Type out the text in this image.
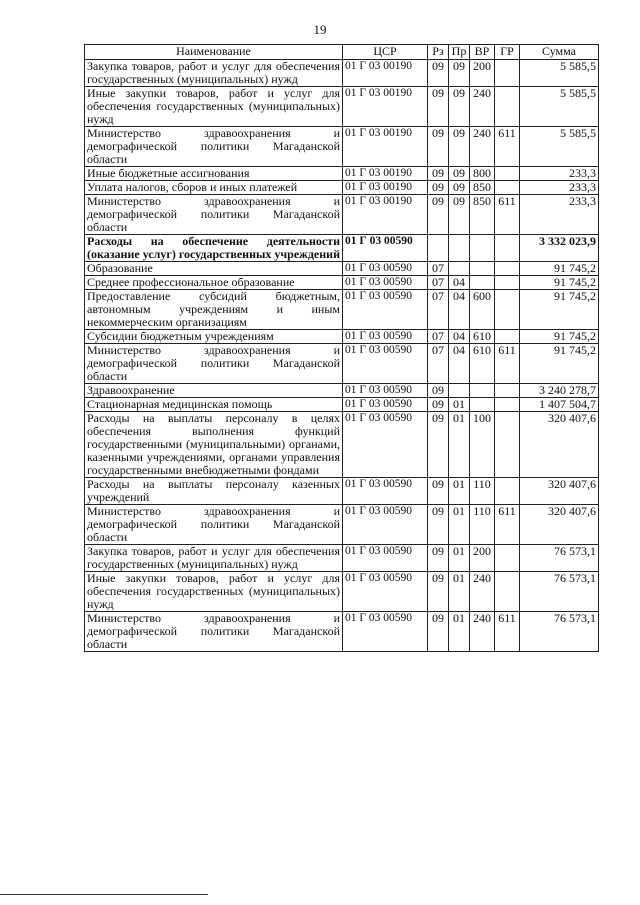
19
Наименование	ЦСР	Рз	Пр	ВР	ГР	Сумма
Закупка товаров, работ и услуг для обеспечения государственных (муниципальных) нужд	01 Г 03 00190	09	09	200		5 585,5
Иные закупки товаров, работ и услуг для обеспечения государственных (муниципальных) нужд	01 Г 03 00190	09	09	240		5 585,5
Министерство здравоохранения и демографической политики Магаданской области	01 Г 03 00190	09	09	240	611	5 585,5
Иные бюджетные ассигнования	01 Г 03 00190	09	09	800		233,3
Уплата налогов, сборов и иных платежей	01 Г 03 00190	09	09	850		233,3
Министерство здравоохранения и демографической политики Магаданской области	01 Г 03 00190	09	09	850	611	233,3
Расходы на обеспечение деятельности (оказание услуг) государственных учреждений	01 Г 03 00590					3 332 023,9
Образование	01 Г 03 00590	07				91 745,2
Среднее профессиональное образование	01 Г 03 00590	07	04			91 745,2
Предоставление субсидий бюджетным, автономным учреждениям и иным некоммерческим организациям	01 Г 03 00590	07	04	600		91 745,2
Субсидии бюджетным учреждениям	01 Г 03 00590	07	04	610		91 745,2
Министерство здравоохранения и демографической политики Магаданской области	01 Г 03 00590	07	04	610	611	91 745,2
Здравоохранение	01 Г 03 00590	09				3 240 278,7
Стационарная медицинская помощь	01 Г 03 00590	09	01			1 407 504,7
Расходы на выплаты персоналу в целях обеспечения выполнения функций государственными (муниципальными) органами, казенными учреждениями, органами управления государственными внебюджетными фондами	01 Г 03 00590	09	01	100		320 407,6
Расходы на выплаты персоналу казенных учреждений	01 Г 03 00590	09	01	110		320 407,6
Министерство здравоохранения и демографической политики Магаданской области	01 Г 03 00590	09	01	110	611	320 407,6
Закупка товаров, работ и услуг для обеспечения государственных (муниципальных) нужд	01 Г 03 00590	09	01	200		76 573,1
Иные закупки товаров, работ и услуг для обеспечения государственных (муниципальных) нужд	01 Г 03 00590	09	01	240		76 573,1
Министерство здравоохранения и демографической политики Магаданской области	01 Г 03 00590	09	01	240	611	76 573,1
